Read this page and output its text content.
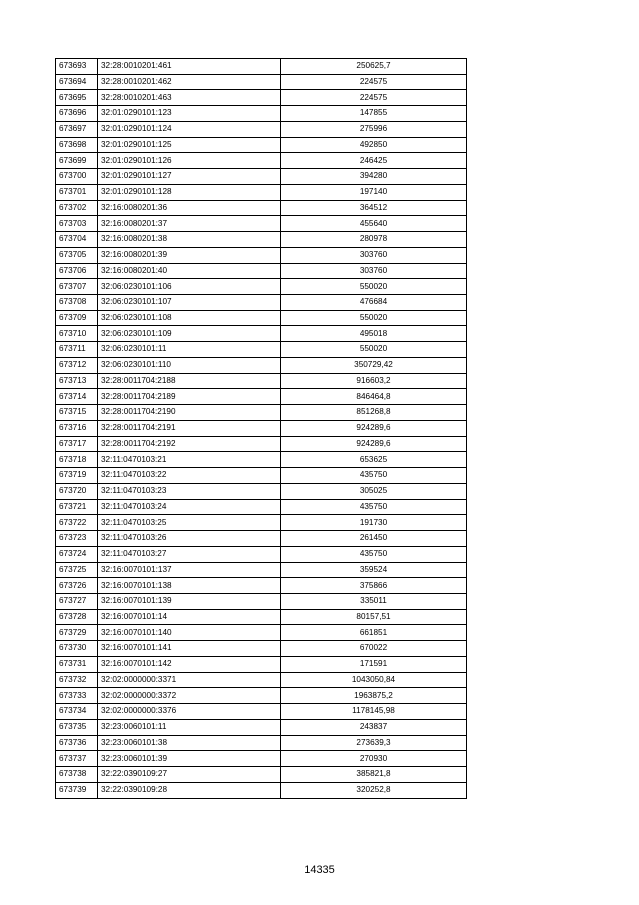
673693	32:28:0010201:461	250625,7
673694	32:28:0010201:462	224575
673695	32:28:0010201:463	224575
673696	32:01:0290101:123	147855
673697	32:01:0290101:124	275996
673698	32:01:0290101:125	492850
673699	32:01:0290101:126	246425
673700	32:01:0290101:127	394280
673701	32:01:0290101:128	197140
673702	32:16:0080201:36	364512
673703	32:16:0080201:37	455640
673704	32:16:0080201:38	280978
673705	32:16:0080201:39	303760
673706	32:16:0080201:40	303760
673707	32:06:0230101:106	550020
673708	32:06:0230101:107	476684
673709	32:06:0230101:108	550020
673710	32:06:0230101:109	495018
673711	32:06:0230101:11	550020
673712	32:06:0230101:110	350729,42
673713	32:28:0011704:2188	916603,2
673714	32:28:0011704:2189	846464,8
673715	32:28:0011704:2190	851268,8
673716	32:28:0011704:2191	924289,6
673717	32:28:0011704:2192	924289,6
673718	32:11:0470103:21	653625
673719	32:11:0470103:22	435750
673720	32:11:0470103:23	305025
673721	32:11:0470103:24	435750
673722	32:11:0470103:25	191730
673723	32:11:0470103:26	261450
673724	32:11:0470103:27	435750
673725	32:16:0070101:137	359524
673726	32:16:0070101:138	375866
673727	32:16:0070101:139	335011
673728	32:16:0070101:14	80157,51
673729	32:16:0070101:140	661851
673730	32:16:0070101:141	670022
673731	32:16:0070101:142	171591
673732	32:02:0000000:3371	1043050,84
673733	32:02:0000000:3372	1963875,2
673734	32:02:0000000:3376	1178145,98
673735	32:23:0060101:11	243837
673736	32:23:0060101:38	273639,3
673737	32:23:0060101:39	270930
673738	32:22:0390109:27	385821,8
673739	32:22:0390109:28	320252,8
14335
